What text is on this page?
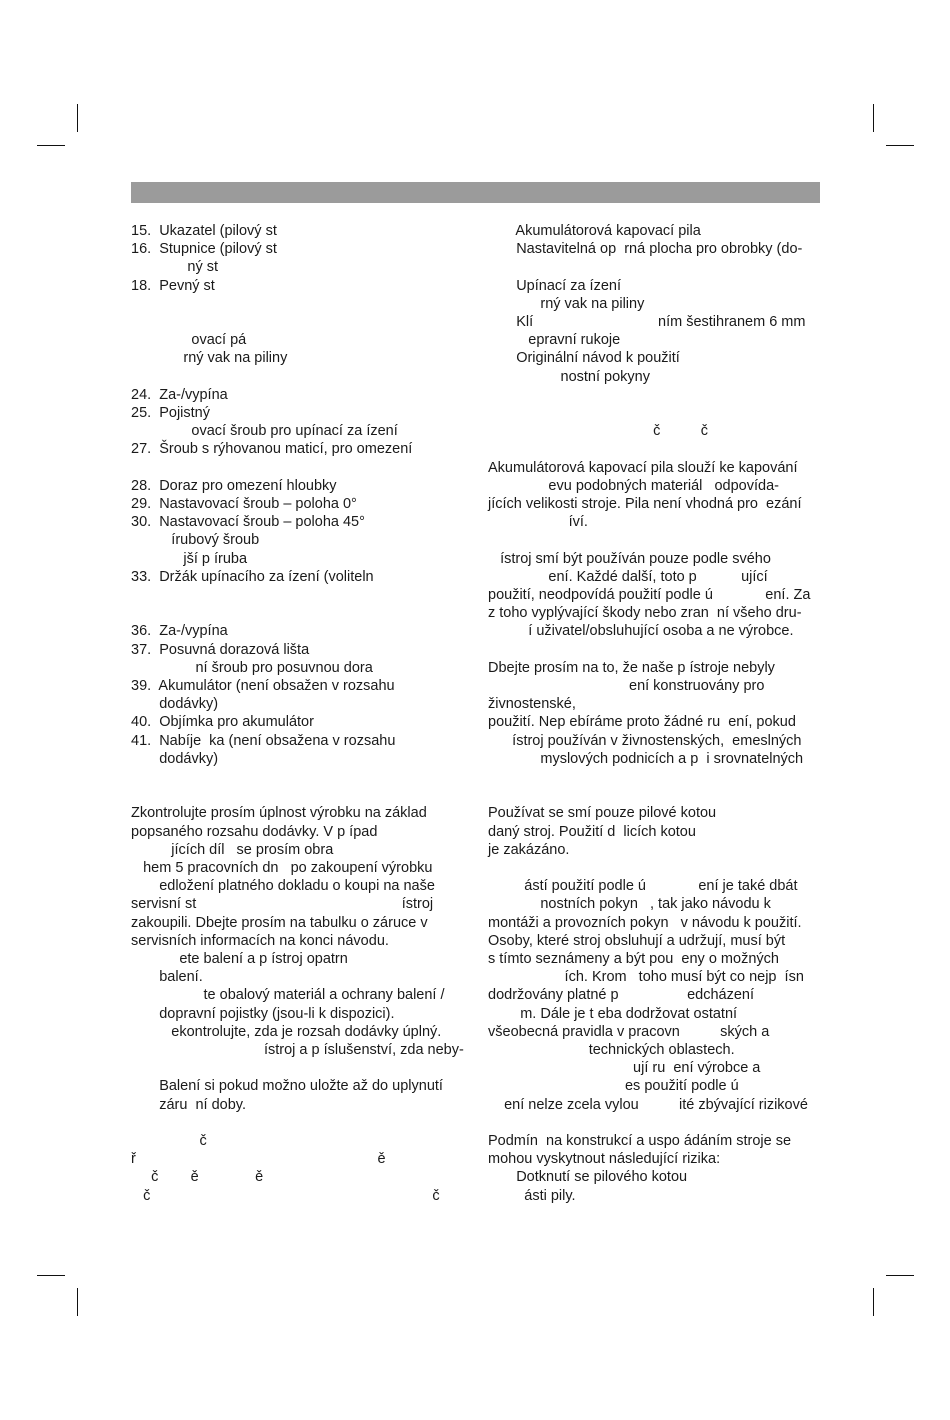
15.  Ukazatel (pilový st
16.  Stupnice (pilový st
ný st
18.  Pevný st
ovací pá
rný vak na piliny
24.  Za-/vypína
25.  Pojistný
ovací šroub pro upínací za ízení
27.  Šroub s rýhovanou maticí, pro omezení
28.  Doraz pro omezení hloubky
29.  Nastavovací šroub – poloha 0°
30.  Nastavovací šroub – poloha 45°
írubový šroub
jší p íruba
33.  Držák upínacího za ízení (voliteln
36.  Za-/vypína
37.  Posuvná dorazová lišta
ní šroub pro posuvnou dora
39.  Akumulátor (není obsažen v rozsahu
dodávky)
40.  Objímka pro akumulátor
41.  Nabíje  ka (není obsažena v rozsahu
dodávky)
Zkontrolujte prosím úplnost výrobku na základ
popsaného rozsahu dodávky. V p ípad
jících díl   se prosím obra
hem 5 pracovních dn   po zakoupení výrobku
edložení platného dokladu o koupi na naše
servisní st                                                   ístroj
zakoupili. Dbejte prosím na tabulku o záruce v
servisních informacích na konci návodu.
ete balení a p ístroj opatrn
balení.
te obalový materiál a ochrany balení /
dopravní pojistky (jsou-li k dispozici).
ekontrolujte, zda je rozsah dodávky úplný.
ístroj a p íslušenství, zda neby-
Balení si pokud možno uložte až do uplynutí
záru  ní doby.
č
ř                                                            ě
č        ě              ě
č                                                                      č
Akumulátorová kapovací pila
Nastavitelná op  rná plocha pro obrobky (do-
Upínací za ízení
rný vak na piliny
Klí                               ním šestihranem 6 mm
epravní rukoje
Originální návod k použití
nostní pokyny
č          č
Akumulátorová kapovací pila slouží ke kapování
evu podobných materiál   odpovída-
jících velikosti stroje. Pila není vhodná pro  ezání
íví.
ístroj smí být používán pouze podle svého
ení. Každé další, toto p           ující
použití, neodpovídá použití podle ú             ení. Za
z toho vyplývající škody nebo zran  ní všeho dru-
í uživatel/obsluhující osoba a ne výrobce.
Dbejte prosím na to, že naše p ístroje nebyly
ení konstruovány pro
živnostenské,
použití. Nep ebíráme proto žádné ru  ení, pokud
ístroj používán v živnostenských,  emeslných
myslových podnicích a p  i srovnatelných
Používat se smí pouze pilové kotou
daný stroj. Použití d  licích kotou
je zakázáno.
ástí použití podle ú             ení je také dbát
nostních pokyn   , tak jako návodu k
montáži a provozních pokyn   v návodu k použití.
Osoby, které stroj obsluhují a udržují, musí být
s tímto seznámeny a být pou  eny o možných
ích. Krom   toho musí být co nejp  ísn
dodržovány platné p                 edcházení
m. Dále je t eba dodržovat ostatní
všeobecná pravidla v pracovn          ských a
technických oblastech.
ují ru  ení výrobce a
es použití podle ú
ení nelze zcela vylou          ité zbývající rizikové
Podmín  na konstrukcí a uspo ádáním stroje se
mohou vyskytnout následující rizika:
Dotknutí se pilového kotou
ásti pily.
